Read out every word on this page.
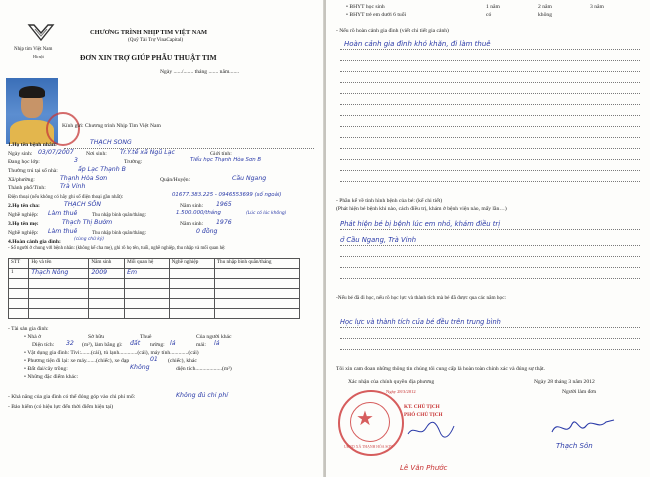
Nhịp tim Việt Nam
Hà nội
CHƯƠNG TRÌNH NHỊP TIM VIỆT NAM
(Quỹ Tài Trợ VinaCapital)
ĐƠN XIN TRỢ GIÚP PHẪU THUẬT TIM
Ngày ....../....... tháng ....... năm.......
Kính gửi: Chương trình Nhịp Tim Việt Nam
1.Họ tên bệnh nhân:	THẠCH SONG
Ngày sinh: 03/07/2007 Nơi sinh: Tr.Y.tế xã Ngũ Lạc	Giới tính:
Đang học lớp:	3	Trường:	Tiểu học Thạnh Hòa Sơn B
Thường trú tại số nhà:	ấp Lạc Thạnh B
Xã/phường:	Thạnh Hòa Sơn	Quận/Huyện:	Cầu Ngang
Thành phố/Tỉnh: Trà Vinh
Điện thoại (nếu không có hãy ghi số điện thoại gần nhất):	01677.383.225 - 0946553699 (số ngoài)
2.Họ tên cha:	THẠCH SÔN	Năm sinh: 1965
Nghề nghiệp: Làm thuê	Thu nhập bình quân/tháng:	1.500.000/tháng	(Lúc có lúc không)
3.Họ tên mẹ:	Thạch Thị Bướm	Năm sinh: 1976
Nghề nghiệp: Làm thuê	Thu nhập bình quân/tháng:	0 đồng
4.Hoàn cảnh gia đình:	(cùng chữ ký)
- Số người ở chung với bệnh nhân: (không kể cha mẹ), ghi rõ họ tên, tuổi, nghề nghiệp, thu nhập và mối quan hệ:
STT	Họ và tên	Năm sinh	Mối quan hệ	Nghề nghiệp	Thu nhập bình quân/tháng
1	Thạch Nông	2009	Em		

- Tài sản gia đình:
• Nhà ở	Sở hữu	Thuê	Của người khác
Diện tích: 32 (m²), làm bằng gì: đất tường: lá	mái: lá
• Vật dụng gia đình: Tivi:.......(cái), tủ lạnh.............(cái), máy tính.............(cái)
• Phương tiện đi lại: xe máy.......(chiếc), xe đạp	01 (chiếc), khác
• Đất đai/cây trồng:	Không	diện tích...................(m²)
• Những đặc điểm khác:
- Khả năng của gia đình có thể đóng góp vào chi phí mổ:	Không đủ chi phí
- Bảo hiểm (có hiệu lực đến thời điểm hiện tại)
• BHYT học sinh	1 năm	2 năm	3 năm
• BHYT trẻ em dưới 6 tuổi	có	không
- Nếu rõ hoàn cảnh gia đình (viết chi tiết gia cảnh)
Hoàn cảnh gia đình khó khăn, đi làm thuê
- Phần kể về tình hình bệnh của bé: (kể chi tiết)
(Phát hiện bé bệnh khi nào, cách điều trị, khám ở bệnh viện nào, mấy lần…)
Phát hiện bé bị bệnh lúc em nhỏ, khám điều trị
ở Cầu Ngang, Trà Vinh
-Nếu bé đã đi học, nếu rõ học lực và thành tích mà bé đã được qua các năm học:
Học lực và thành tích của bé đều trên trung bình
Tôi xin cam đoan những thông tin chúng tôi cung cấp là hoàn toàn chính xác và đúng sự thật.
Xác nhận của chính quyền địa phương	Ngày 28 tháng 3 năm 2012
Người làm đơn
Ngày 28/3/2012
★
UBND XÃ THẠNH HÒA SƠN
KT. CHỦ TỊCH
PHÓ CHỦ TỊCH
Lê Văn Phước
Thạch Sôn
